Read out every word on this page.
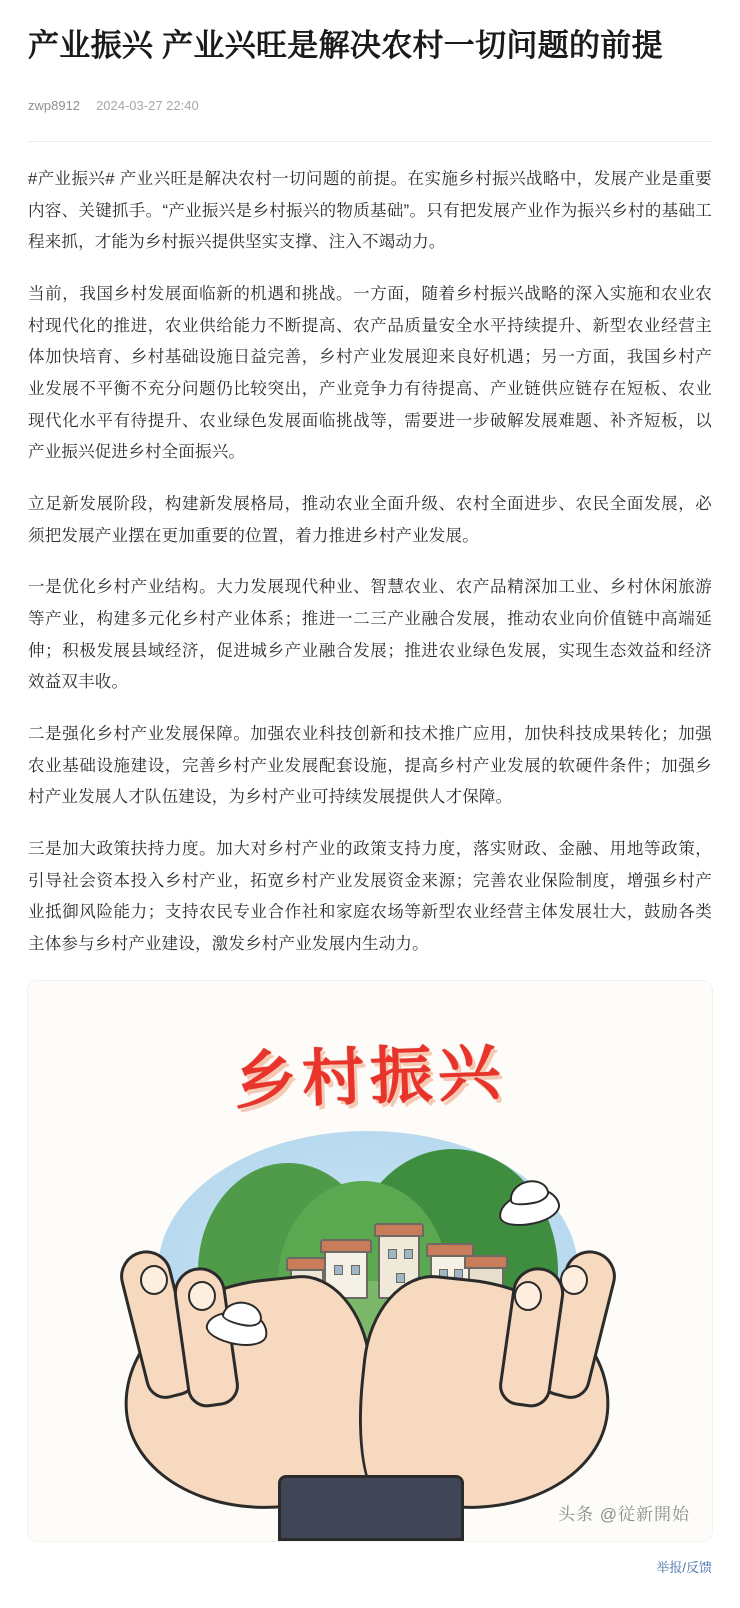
产业振兴 产业兴旺是解决农村一切问题的前提
zwp8912 2024-03-27 22:40

#产业振兴# 产业兴旺是解决农村一切问题的前提。在实施乡村振兴战略中，发展产业是重要内容、关键抓手。“产业振兴是乡村振兴的物质基础”。只有把发展产业作为振兴乡村的基础工程来抓，才能为乡村振兴提供坚实支撑、注入不竭动力。

当前，我国乡村发展面临新的机遇和挑战。一方面，随着乡村振兴战略的深入实施和农业农村现代化的推进，农业供给能力不断提高、农产品质量安全水平持续提升、新型农业经营主体加快培育、乡村基础设施日益完善，乡村产业发展迎来良好机遇；另一方面，我国乡村产业发展不平衡不充分问题仍比较突出，产业竞争力有待提高、产业链供应链存在短板、农业现代化水平有待提升、农业绿色发展面临挑战等，需要进一步破解发展难题、补齐短板，以产业振兴促进乡村全面振兴。

立足新发展阶段，构建新发展格局，推动农业全面升级、农村全面进步、农民全面发展，必须把发展产业摆在更加重要的位置，着力推进乡村产业发展。

一是优化乡村产业结构。大力发展现代种业、智慧农业、农产品精深加工业、乡村休闲旅游等产业，构建多元化乡村产业体系；推进一二三产业融合发展，推动农业向价值链中高端延伸；积极发展县域经济，促进城乡产业融合发展；推进农业绿色发展，实现生态效益和经济效益双丰收。

二是强化乡村产业发展保障。加强农业科技创新和技术推广应用，加快科技成果转化；加强农业基础设施建设，完善乡村产业发展配套设施，提高乡村产业发展的软硬件条件；加强乡村产业发展人才队伍建设，为乡村产业可持续发展提供人才保障。

三是加大政策扶持力度。加大对乡村产业的政策支持力度，落实财政、金融、用地等政策，引导社会资本投入乡村产业，拓宽乡村产业发展资金来源；完善农业保险制度，增强乡村产业抵御风险能力；支持农民专业合作社和家庭农场等新型农业经营主体发展壮大，鼓励各类主体参与乡村产业建设，激发乡村产业发展内生动力。

乡村振兴
头条 @従新開始
举报/反馈
